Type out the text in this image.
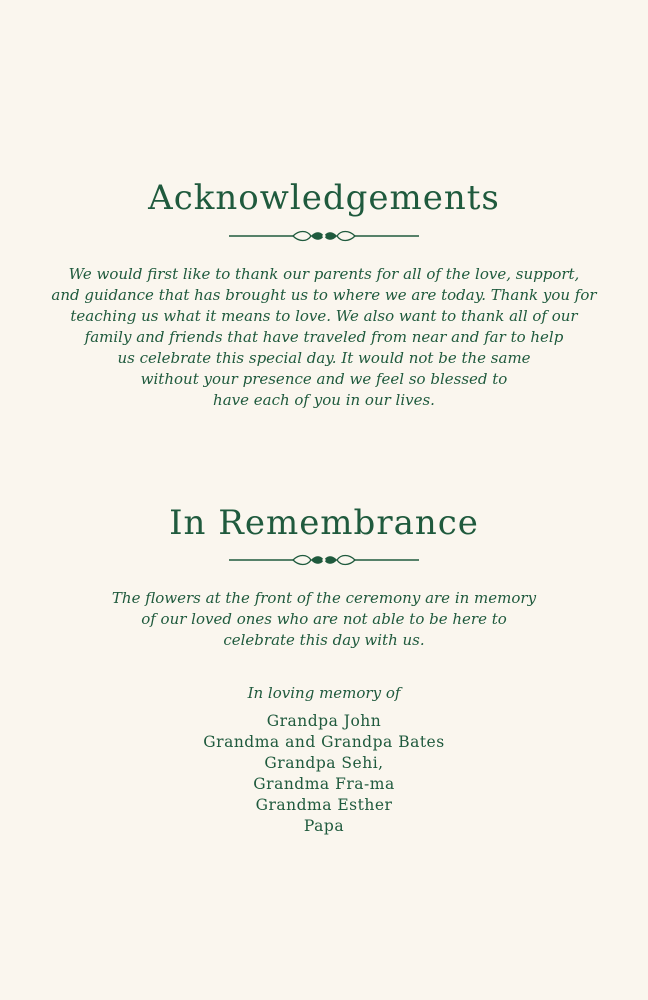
Acknowledgements
We would first like to thank our parents for all of the love, support,
and guidance that has brought us to where we are today. Thank you for
teaching us what it means to love. We also want to thank all of our
family and friends that have traveled from near and far to help
us celebrate this special day. It would not be the same
without your presence and we feel so blessed to
have each of you in our lives.
In Remembrance
The flowers at the front of the ceremony are in memory
of our loved ones who are not able to be here to
celebrate this day with us.
In loving memory of
Grandpa John
Grandma and Grandpa Bates
Grandpa Sehi,
Grandma Fra-ma
Grandma Esther
Papa
